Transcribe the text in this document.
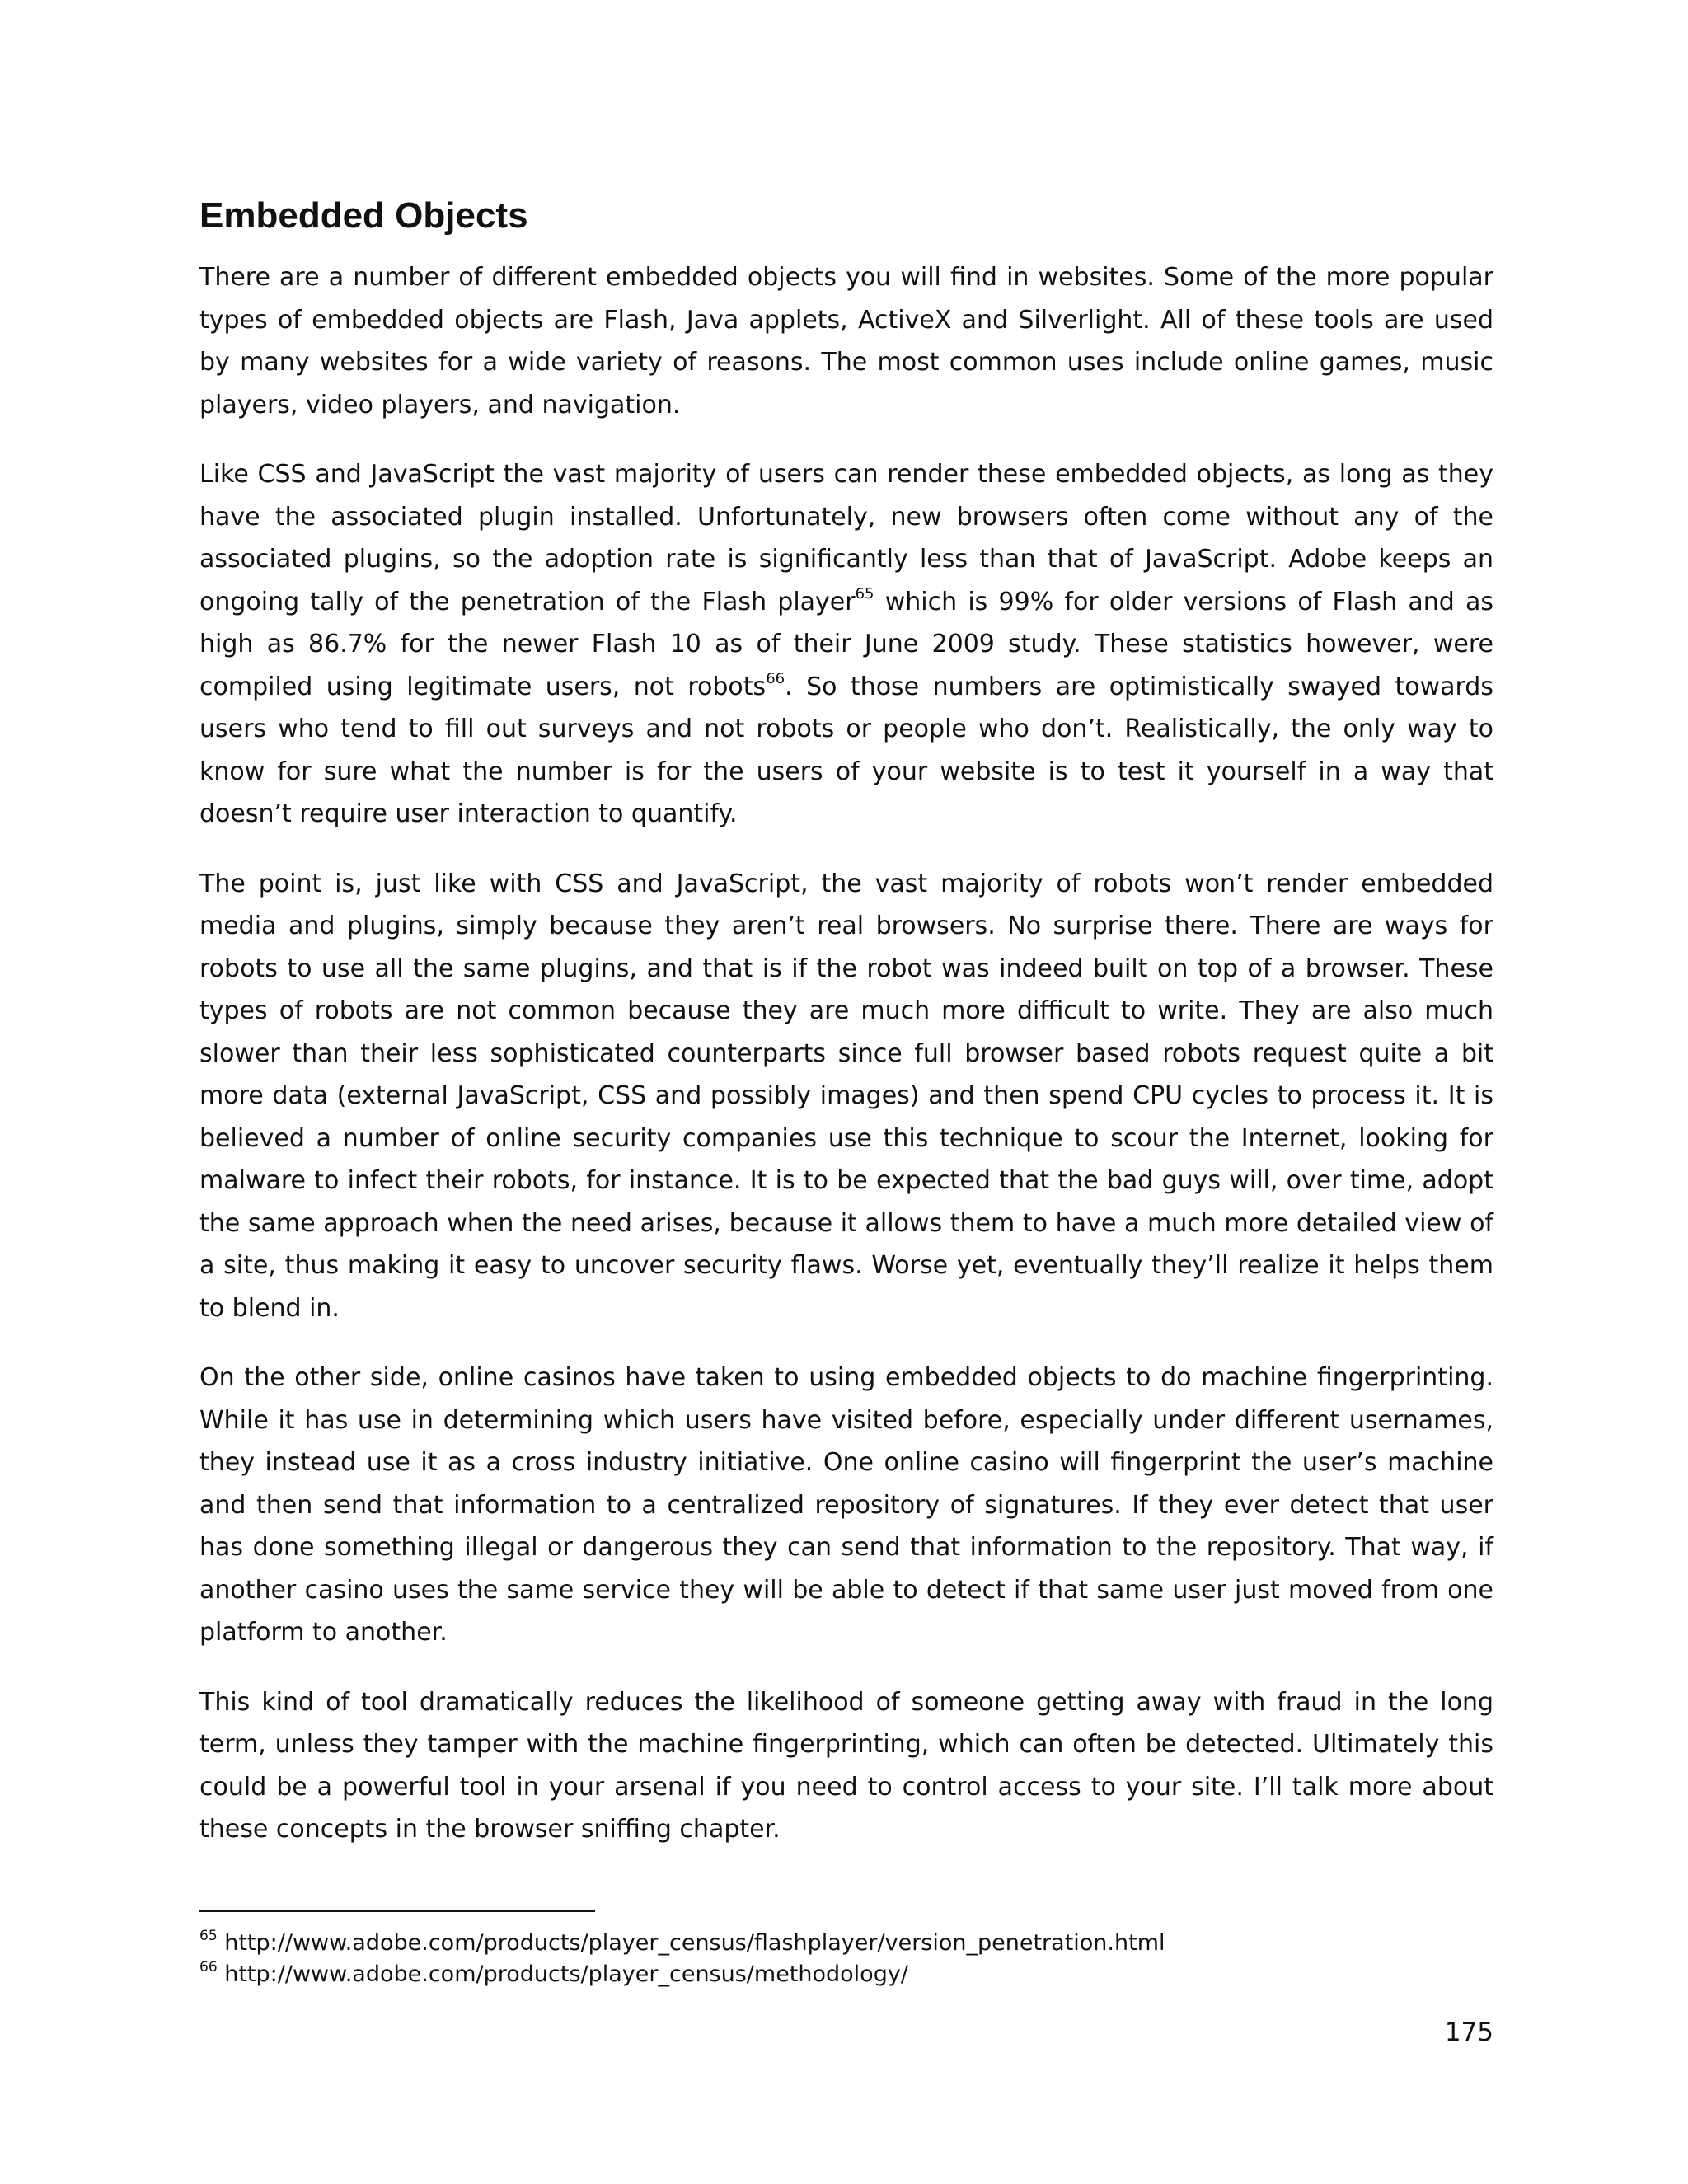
Embedded Objects

There are a number of different embedded objects you will find in websites. Some of the more popular types of embedded objects are Flash, Java applets, ActiveX and Silverlight. All of these tools are used by many websites for a wide variety of reasons. The most common uses include online games, music players, video players, and navigation.

Like CSS and JavaScript the vast majority of users can render these embedded objects, as long as they have the associated plugin installed. Unfortunately, new browsers often come without any of the associated plugins, so the adoption rate is significantly less than that of JavaScript. Adobe keeps an ongoing tally of the penetration of the Flash player$^{65}$ which is 99% for older versions of Flash and as high as 86.7% for the newer Flash 10 as of their June 2009 study. These statistics however, were compiled using legitimate users, not robots$^{66}$. So those numbers are optimistically swayed towards users who tend to fill out surveys and not robots or people who don’t. Realistically, the only way to know for sure what the number is for the users of your website is to test it yourself in a way that doesn’t require user interaction to quantify.

The point is, just like with CSS and JavaScript, the vast majority of robots won’t render embedded media and plugins, simply because they aren’t real browsers. No surprise there. There are ways for robots to use all the same plugins, and that is if the robot was indeed built on top of a browser. These types of robots are not common because they are much more difficult to write. They are also much slower than their less sophisticated counterparts since full browser based robots request quite a bit more data (external JavaScript, CSS and possibly images) and then spend CPU cycles to process it. It is believed a number of online security companies use this technique to scour the Internet, looking for malware to infect their robots, for instance. It is to be expected that the bad guys will, over time, adopt the same approach when the need arises, because it allows them to have a much more detailed view of a site, thus making it easy to uncover security flaws. Worse yet, eventually they’ll realize it helps them to blend in.

On the other side, online casinos have taken to using embedded objects to do machine fingerprinting. While it has use in determining which users have visited before, especially under different usernames, they instead use it as a cross industry initiative. One online casino will fingerprint the user’s machine and then send that information to a centralized repository of signatures. If they ever detect that user has done something illegal or dangerous they can send that information to the repository. That way, if another casino uses the same service they will be able to detect if that same user just moved from one platform to another.

This kind of tool dramatically reduces the likelihood of someone getting away with fraud in the long term, unless they tamper with the machine fingerprinting, which can often be detected. Ultimately this could be a powerful tool in your arsenal if you need to control access to your site. I’ll talk more about these concepts in the browser sniffing chapter.

$^{65}$ http://www.adobe.com/products/player_census/flashplayer/version_penetration.html
$^{66}$ http://www.adobe.com/products/player_census/methodology/
175
